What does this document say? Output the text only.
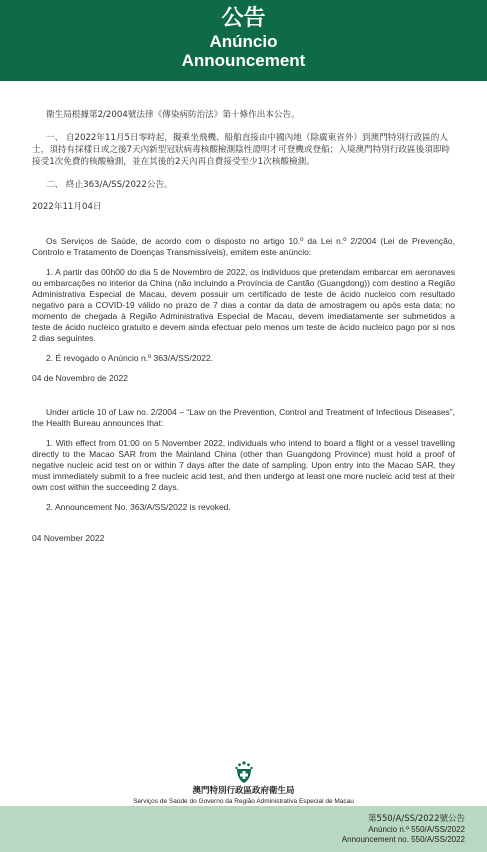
公告
Anúncio
Announcement

衛生局根據第2/2004號法律《傳染病防治法》第十條作出本公告。

一、 自2022年11月5日零時起，擬乘坐飛機、船舶直接由中國內地（除廣東省外）到澳門特別行政區的人士，須持有採樣日或之後7天內新型冠狀病毒核酸檢測陰性證明才可登機或登船；入境澳門特別行政區後須即時接受1次免費的核酸檢測，並在其後的2天內再自費接受至少1次核酸檢測。

二、 終止363/A/SS/2022公告。

2022年11月04日

Os Serviços de Saúde, de acordo com o disposto no artigo 10.º da Lei n.º 2/2004 (Lei de Prevenção, Controlo e Tratamento de Doenças Transmissíveis), emitem este anúncio:

1. A partir das 00h00 do dia 5 de Novembro de 2022, os indivíduos que pretendam embarcar em aeronaves ou embarcações no interior da China (não incluindo a Província de Cantão (Guangdong)) com destino a Região Administrativa Especial de Macau, devem possuir um certificado de teste de ácido nucleico com resultado negativo para a COVID-19 válido no prazo de 7 dias a contar da data de amostragem ou após esta data; no momento de chegada à Região Administrativa Especial de Macau, devem imediatamente ser submetidos a teste de ácido nucleico gratuito e devem ainda efectuar pelo menos um teste de ácido nucleico pago por si nos 2 dias seguintes.

2. É revogado o Anúncio n.º 363/A/SS/2022.

04 de Novembro de 2022

Under article 10 of Law no. 2/2004 – “Law on the Prevention, Control and Treatment of Infectious Diseases”, the Health Bureau announces that:

1. With effect from 01:00 on 5 November 2022, individuals who intend to board a flight or a vessel travelling directly to the Macao SAR from the Mainland China (other than Guangdong Province) must hold a proof of negative nucleic acid test on or within 7 days after the date of sampling. Upon entry into the Macao SAR, they must immediately submit to a free nucleic acid test, and then undergo at least one more nucleic acid test at their own cost within the succeeding 2 days.

2. Announcement No. 363/A/SS/2022 is revoked.

04 November 2022

澳門特別行政區政府衛生局
Serviços de Saúde do Governo da Região Administrativa Especial de Macau
第550/A/SS/2022號公告
Anúncio n.º 550/A/SS/2022
Announcement no. 550/A/SS/2022
